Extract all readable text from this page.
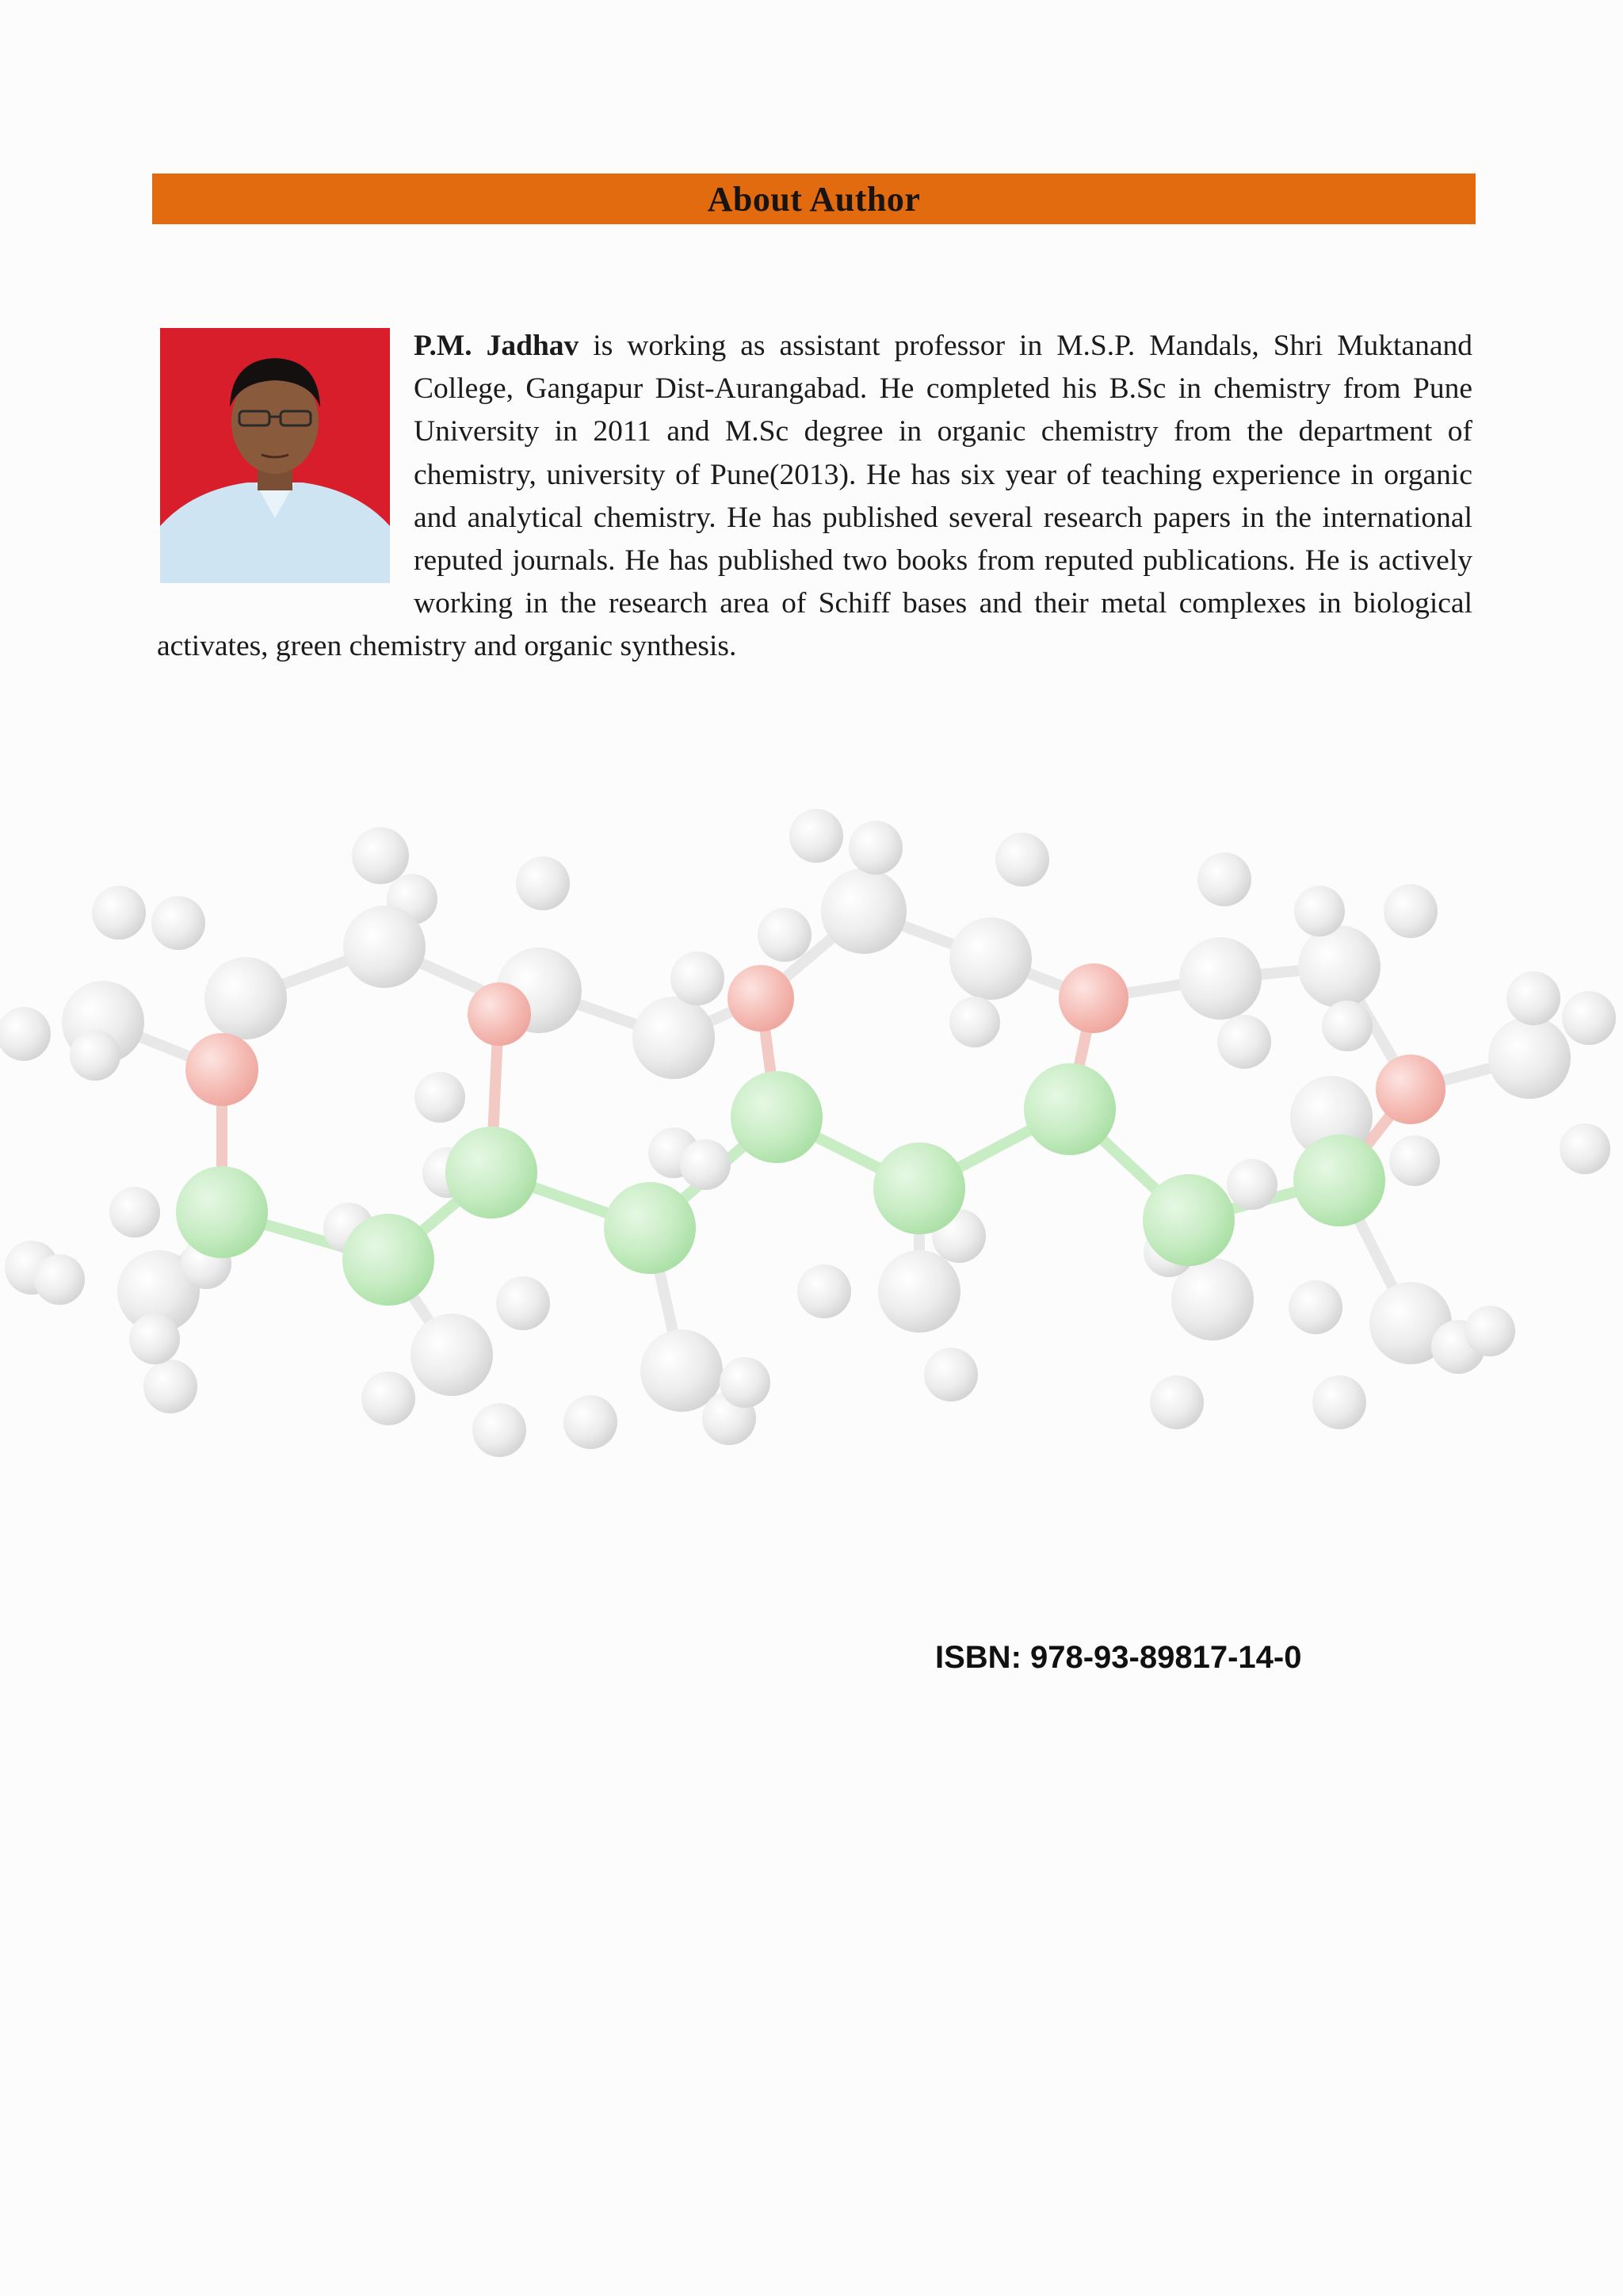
About Author
P.M. Jadhav is working as assistant professor in M.S.P. Mandals, Shri Muktanand College, Gangapur Dist-Aurangabad. He completed his B.Sc in chemistry from Pune University in 2011 and M.Sc degree in organic chemistry from the department of chemistry, university of Pune(2013). He has six year of teaching experience in organic and analytical chemistry. He has published several research papers in the international reputed journals. He has published two books from reputed publications. He is actively working in the research area of Schiff bases and their metal complexes in biological activates, green chemistry and organic synthesis.
ISBN: 978-93-89817-14-0
